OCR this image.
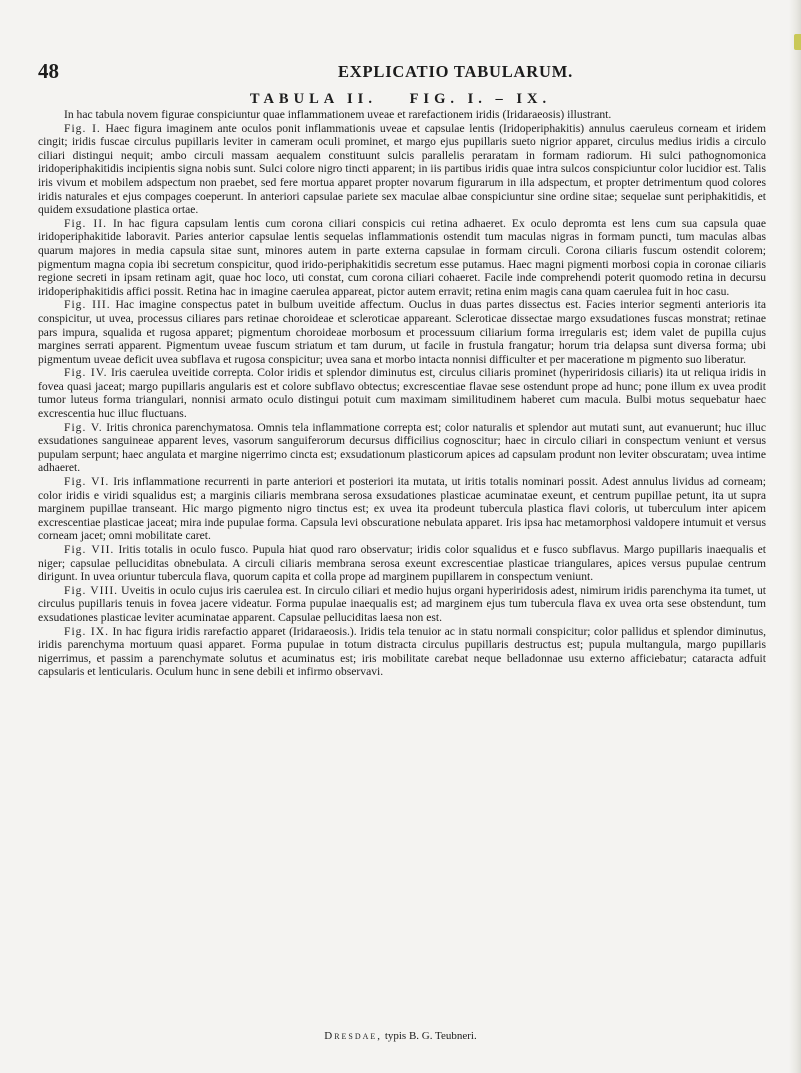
48	EXPLICATIO TABULARUM.
TABULA II. FIG. I. – IX.

In hac tabula novem figurae conspiciuntur quae inflammationem uveae et rarefactionem iridis (Iridaraeosis) illustrant.

Fig. I. Haec figura imaginem ante oculos ponit inflammationis uveae et capsulae lentis (Iridoperiphakitis) annulus caeruleus corneam et iridem cingit; iridis fuscae circulus pupillaris leviter in cameram oculi prominet, et margo ejus pupillaris sueto nigrior apparet, circulus medius iridis a circulo ciliari distingui nequit; ambo circuli massam aequalem constituunt sulcis parallelis peraratam in formam radiorum. Hi sulci pathognomonica iridoperiphakitidis incipientis signa nobis sunt. Sulci colore nigro tincti apparent; in iis partibus iridis quae intra sulcos conspiciuntur color lucidior est. Talis iris vivum et mobilem adspectum non praebet, sed fere mortua apparet propter novarum figurarum in illa adspectum, et propter detrimentum quod colores iridis naturales et ejus compages coeperunt. In anteriori capsulae pariete sex maculae albae conspiciuntur sine ordine sitae; sequelae sunt periphakitidis, et quidem exsudatione plastica ortae.

Fig. II. In hac figura capsulam lentis cum corona ciliari conspicis cui retina adhaeret. Ex oculo depromta est lens cum sua capsula quae iridoperiphakitide laboravit. Paries anterior capsulae lentis sequelas inflammationis ostendit tum maculas nigras in formam puncti, tum maculas albas quarum majores in media capsula sitae sunt, minores autem in parte externa capsulae in formam circuli. Corona ciliaris fuscum ostendit colorem; pigmentum magna copia ibi secretum conspicitur, quod irido-periphakitidis secretum esse putamus. Haec magni pigmenti morbosi copia in coronae ciliaris regione secreti in ipsam retinam agit, quae hoc loco, uti constat, cum corona ciliari cohaeret. Facile inde comprehendi poterit quomodo retina in decursu iridoperiphakitidis affici possit. Retina hac in imagine caerulea appareat, pictor autem erravit; retina enim magis cana quam caerulea fuit in hoc casu.

Fig. III. Hac imagine conspectus patet in bulbum uveitide affectum. Ouclus in duas partes dissectus est. Facies interior segmenti anterioris ita conspicitur, ut uvea, processus ciliares pars retinae choroideae et scleroticae appareant. Scleroticae dissectae margo exsudationes fuscas monstrat; retinae pars impura, squalida et rugosa apparet; pigmentum choroideae morbosum et processuum ciliarium forma irregularis est; idem valet de pupilla cujus margines serrati apparent. Pigmentum uveae fuscum striatum et tam durum, ut facile in frustula frangatur; horum tria delapsa sunt diversa forma; ubi pigmentum uveae deficit uvea subflava et rugosa conspicitur; uvea sana et morbo intacta nonnisi difficulter et per maceratione m pigmento suo liberatur.

Fig. IV. Iris caerulea uveitide correpta. Color iridis et splendor diminutus est, circulus ciliaris prominet (hyperiridosis ciliaris) ita ut reliqua iridis in fovea quasi jaceat; margo pupillaris angularis est et colore subflavo obtectus; excrescentiae flavae sese ostendunt prope ad hunc; pone illum ex uvea prodit tumor luteus forma triangulari, nonnisi armato oculo distingui potuit cum maximam similitudinem haberet cum macula. Bulbi motus sequebatur haec excrescentia huc illuc fluctuans.

Fig. V. Iritis chronica parenchymatosa. Omnis tela inflammatione correpta est; color naturalis et splendor aut mutati sunt, aut evanuerunt; huc illuc exsudationes sanguineae apparent leves, vasorum sanguiferorum decursus difficilius cognoscitur; haec in circulo ciliari in conspectum veniunt et versus pupulam serpunt; haec angulata et margine nigerrimo cincta est; exsudationum plasticorum apices ad capsulam produnt non leviter obscuratam; uvea intime adhaeret.

Fig. VI. Iris inflammatione recurrenti in parte anteriori et posteriori ita mutata, ut iritis totalis nominari possit. Adest annulus lividus ad corneam; color iridis e viridi squalidus est; a marginis ciliaris membrana serosa exsudationes plasticae acuminatae exeunt, et centrum pupillae petunt, ita ut supra marginem pupillae transeant. Hic margo pigmento nigro tinctus est; ex uvea ita prodeunt tubercula plastica flavi coloris, ut tuberculum inter apicem excrescentiae plasticae jaceat; mira inde pupulae forma. Capsula levi obscuratione nebulata apparet. Iris ipsa hac metamorphosi valdopere intumuit et versus corneam jacet; omni mobilitate caret.

Fig. VII. Iritis totalis in oculo fusco. Pupula hiat quod raro observatur; iridis color squalidus et e fusco subflavus. Margo pupillaris inaequalis et niger; capsulae pelluciditas obnebulata. A circuli ciliaris membrana serosa exeunt excrescentiae plasticae triangulares, apices versus pupulae centrum dirigunt. In uvea oriuntur tubercula flava, quorum capita et colla prope ad marginem pupillarem in conspectum veniunt.

Fig. VIII. Uveitis in oculo cujus iris caerulea est. In circulo ciliari et medio hujus organi hyperiridosis adest, nimirum iridis parenchyma ita tumet, ut circulus pupillaris tenuis in fovea jacere videatur. Forma pupulae inaequalis est; ad marginem ejus tum tubercula flava ex uvea orta sese obstendunt, tum exsudationes plasticae leviter acuminatae apparent. Capsulae pelluciditas laesa non est.

Fig. IX. In hac figura iridis rarefactio apparet (Iridaraeosis.). Iridis tela tenuior ac in statu normali conspicitur; color pallidus et splendor diminutus, iridis parenchyma mortuum quasi apparet. Forma pupulae in totum distracta circulus pupillaris destructus est; pupula multangula, margo pupillaris nigerrimus, et passim a parenchymate solutus et acuminatus est; iris mobilitate carebat neque belladonnae usu externo afficiebatur; cataracta adfuit capsularis et lenticularis. Oculum hunc in sene debili et infirmo observavi.

Dresdae, typis B. G. Teubneri.
